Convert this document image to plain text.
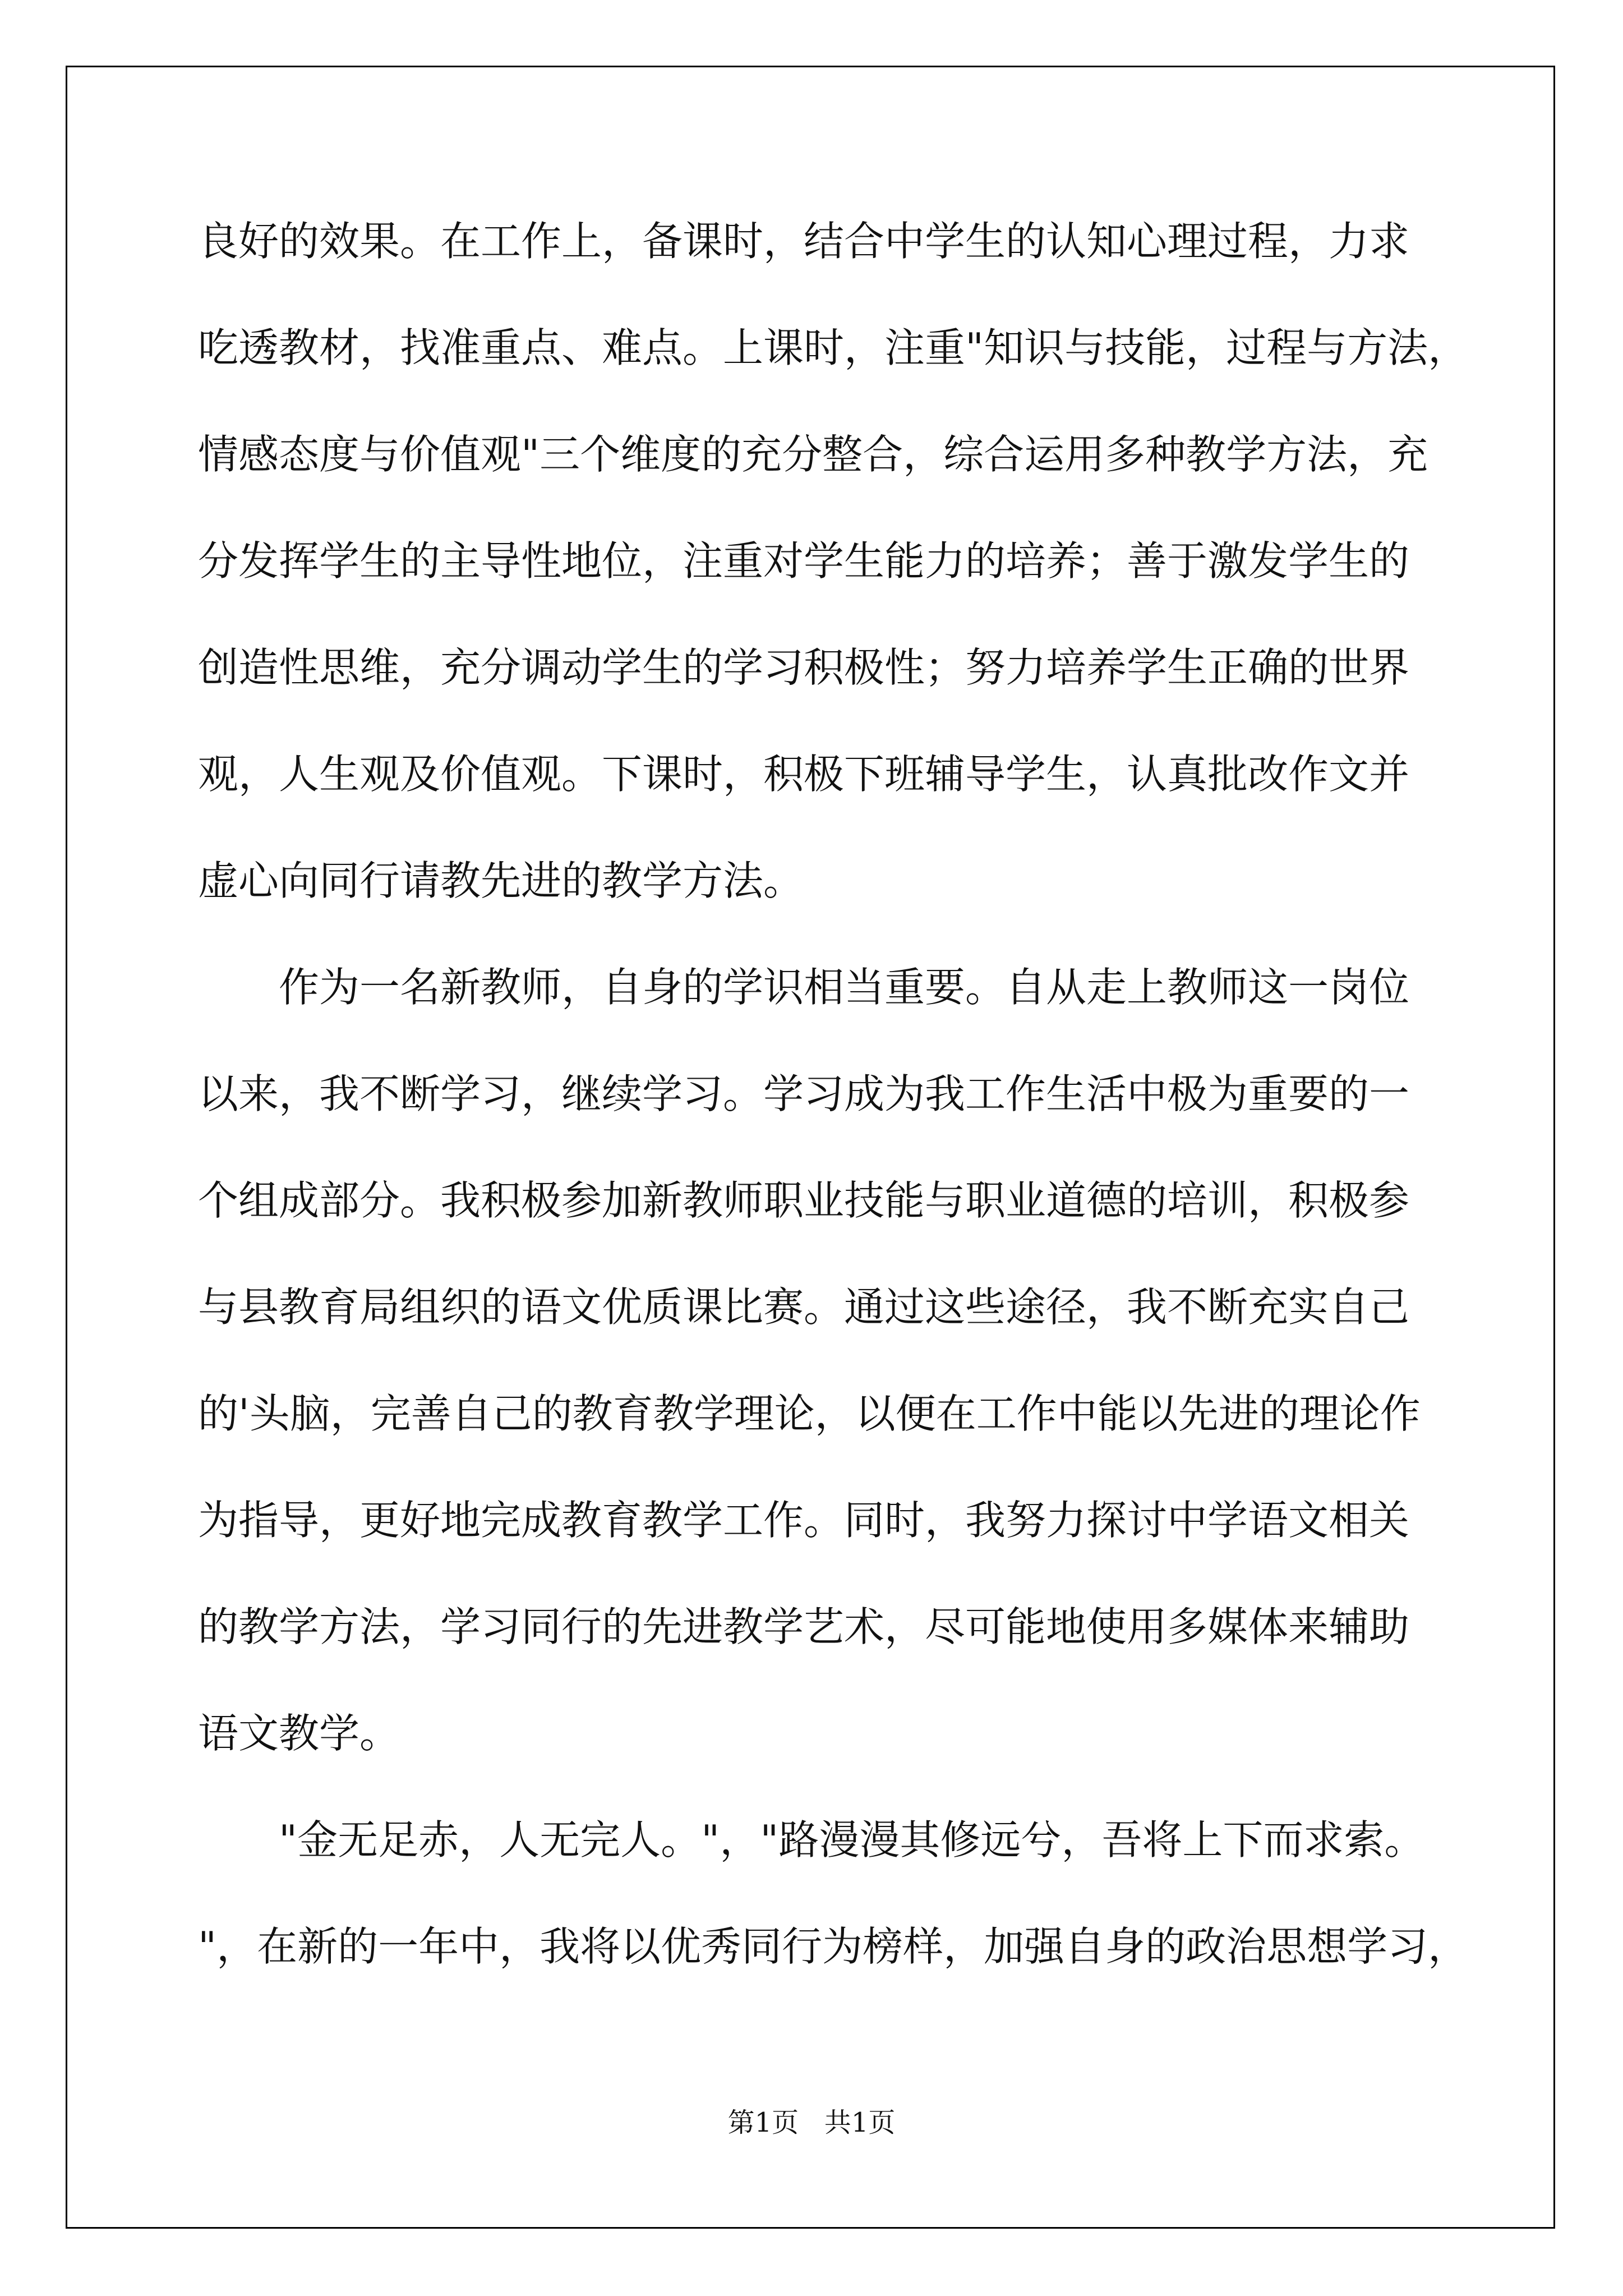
良好的效果。在工作上，备课时，结合中学生的认知心理过程，力求
吃透教材，找准重点、难点。上课时，注重"知识与技能，过程与方法，
情感态度与价值观"三个维度的充分整合，综合运用多种教学方法，充
分发挥学生的主导性地位，注重对学生能力的培养；善于激发学生的
创造性思维，充分调动学生的学习积极性；努力培养学生正确的世界
观，人生观及价值观。下课时，积极下班辅导学生，认真批改作文并
虚心向同行请教先进的教学方法。
作为一名新教师，自身的学识相当重要。自从走上教师这一岗位
以来，我不断学习，继续学习。学习成为我工作生活中极为重要的一
个组成部分。我积极参加新教师职业技能与职业道德的培训，积极参
与县教育局组织的语文优质课比赛。通过这些途径，我不断充实自己
的'头脑，完善自己的教育教学理论，以便在工作中能以先进的理论作
为指导，更好地完成教育教学工作。同时，我努力探讨中学语文相关
的教学方法，学习同行的先进教学艺术，尽可能地使用多媒体来辅助
语文教学。
"金无足赤，人无完人。"，"路漫漫其修远兮，吾将上下而求索。
"，在新的一年中，我将以优秀同行为榜样，加强自身的政治思想学习，
第1页   共1页
